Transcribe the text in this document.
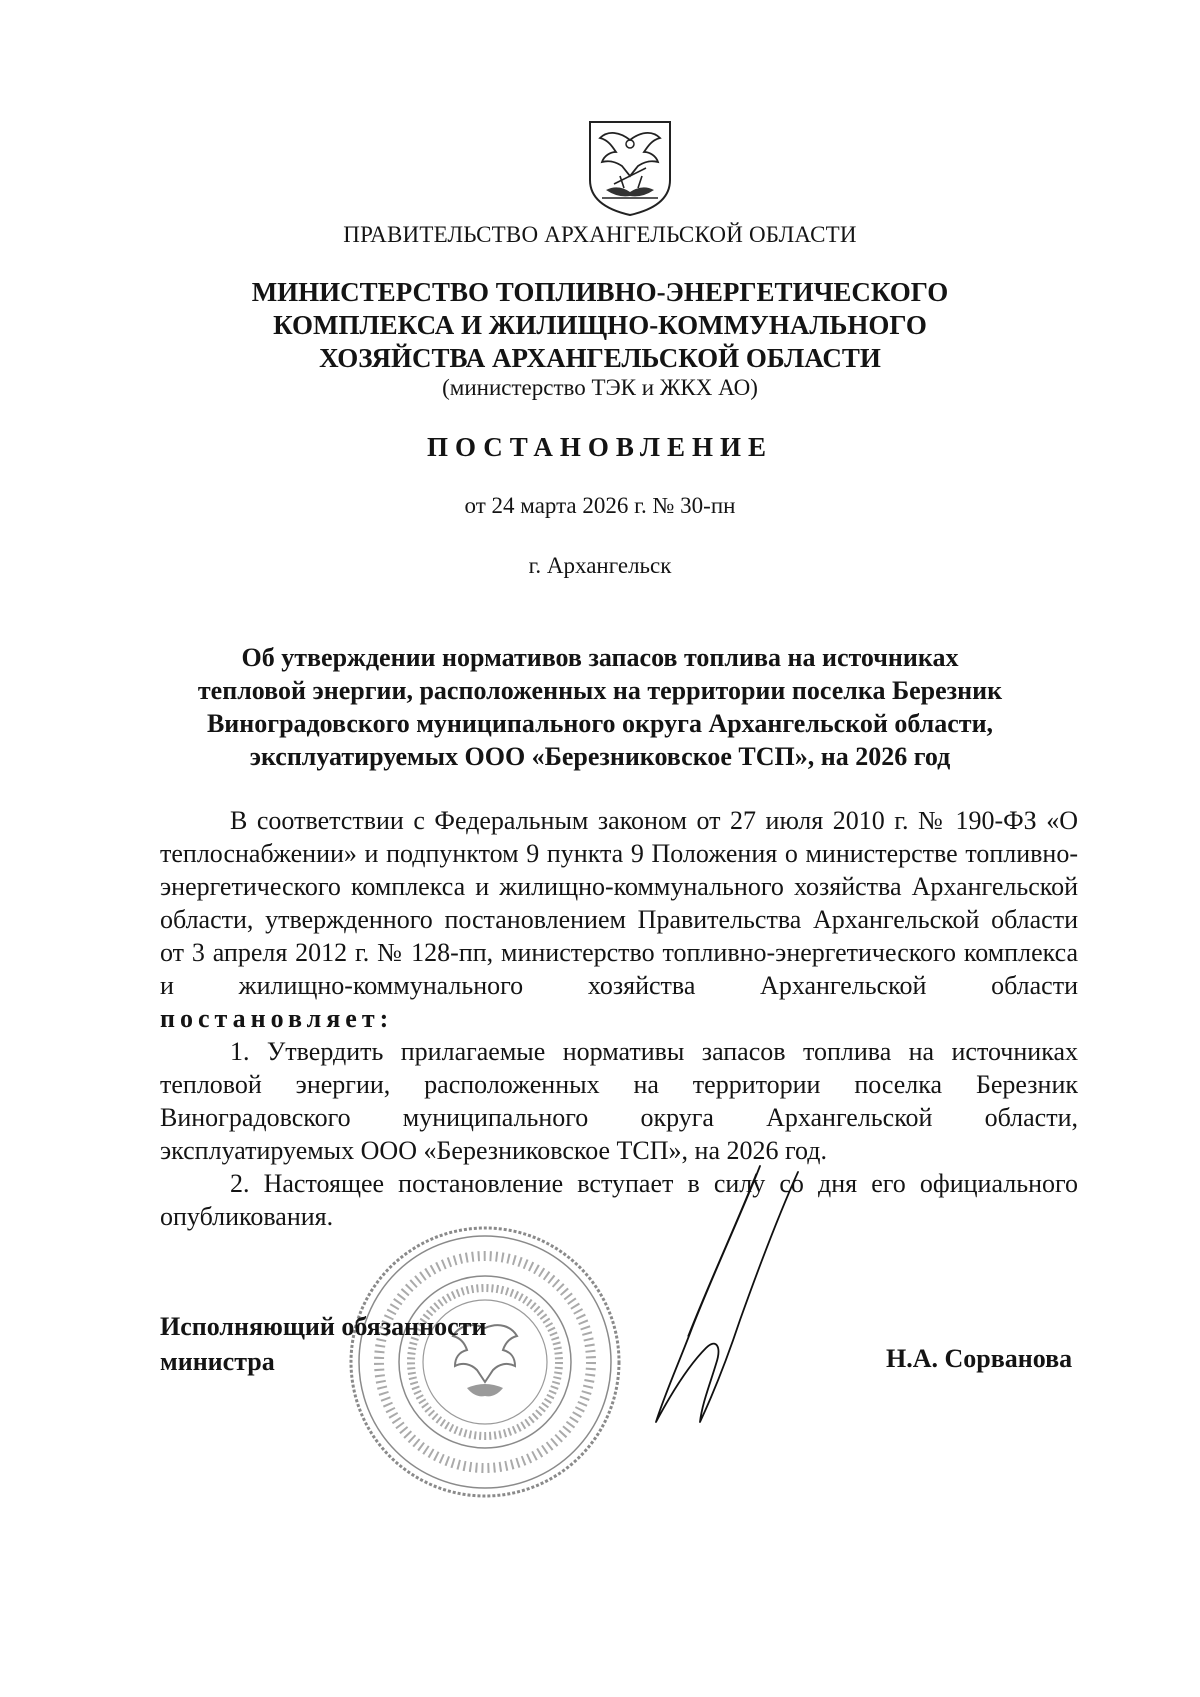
ПРАВИТЕЛЬСТВО АРХАНГЕЛЬСКОЙ ОБЛАСТИ
МИНИСТЕРСТВО ТОПЛИВНО-ЭНЕРГЕТИЧЕСКОГО
КОМПЛЕКСА И ЖИЛИЩНО-КОММУНАЛЬНОГО
ХОЗЯЙСТВА АРХАНГЕЛЬСКОЙ ОБЛАСТИ
(министерство ТЭК и ЖКХ АО)
ПОСТАНОВЛЕНИЕ
от 24 марта 2026 г. № 30-пн
г. Архангельск
Об утверждении нормативов запасов топлива на источниках
тепловой энергии, расположенных на территории поселка Березник
Виноградовского муниципального округа Архангельской области,
эксплуатируемых ООО «Березниковское ТСП», на 2026 год

В соответствии с Федеральным законом от 27 июля 2010 г. № 190-ФЗ «О теплоснабжении» и подпунктом 9 пункта 9 Положения о министерстве топливно-энергетического комплекса и жилищно-коммунального хозяйства Архангельской области, утвержденного постановлением Правительства Архангельской области от 3 апреля 2012 г. № 128-пп, министерство топливно-энергетического комплекса и жилищно-коммунального хозяйства Архангельской области постановляет:

1. Утвердить прилагаемые нормативы запасов топлива на источниках тепловой энергии, расположенных на территории поселка Березник Виноградовского муниципального округа Архангельской области, эксплуатируемых ООО «Березниковское ТСП», на 2026 год.

2. Настоящее постановление вступает в силу со дня его официального опубликования.

Исполняющий обязанности
министра	Н.А. Сорванова
